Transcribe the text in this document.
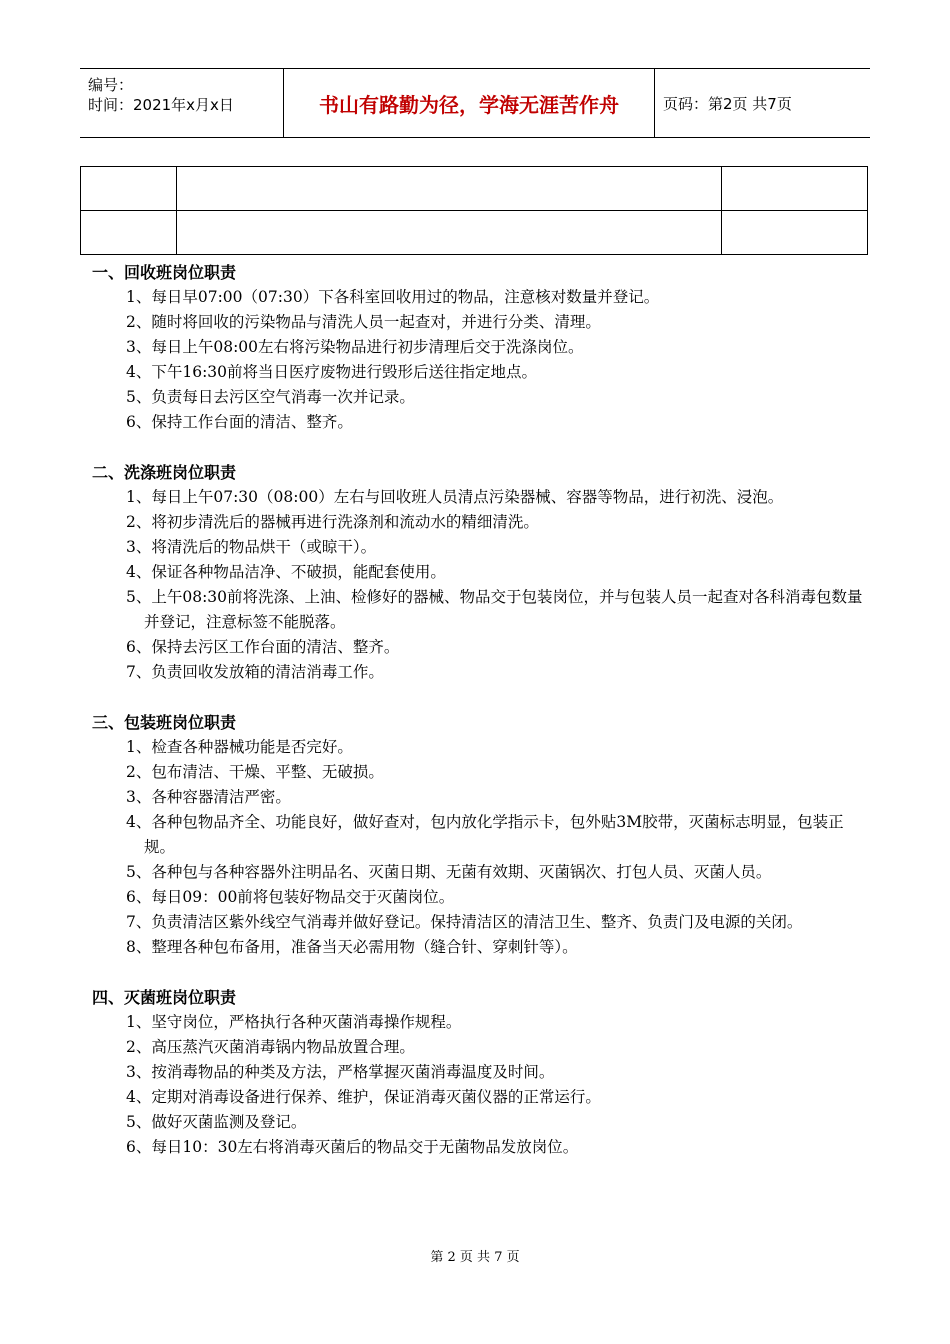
编号：
时间：2021年x月x日	书山有路勤为径，学海无涯苦作舟	页码：第2页 共7页

一、回收班岗位职责
1、每日早07:00（07:30）下各科室回收用过的物品，注意核对数量并登记。
2、随时将回收的污染物品与清洗人员一起查对，并进行分类、清理。
3、每日上午08:00左右将污染物品进行初步清理后交于洗涤岗位。
4、下午16:30前将当日医疗废物进行毁形后送往指定地点。
5、负责每日去污区空气消毒一次并记录。
6、保持工作台面的清洁、整齐。
二、洗涤班岗位职责
1、每日上午07:30（08:00）左右与回收班人员清点污染器械、容器等物品，进行初洗、浸泡。
2、将初步清洗后的器械再进行洗涤剂和流动水的精细清洗。
3、将清洗后的物品烘干（或晾干）。
4、保证各种物品洁净、不破损，能配套使用。
5、上午08:30前将洗涤、上油、检修好的器械、物品交于包装岗位，并与包装人员一起查对各科消毒包数量并登记，注意标签不能脱落。
6、保持去污区工作台面的清洁、整齐。
7、负责回收发放箱的清洁消毒工作。
三、包装班岗位职责
1、检查各种器械功能是否完好。
2、包布清洁、干燥、平整、无破损。
3、各种容器清洁严密。
4、各种包物品齐全、功能良好，做好查对，包内放化学指示卡，包外贴3M胶带，灭菌标志明显，包装正规。
5、各种包与各种容器外注明品名、灭菌日期、无菌有效期、灭菌锅次、打包人员、灭菌人员。
6、每日09：00前将包装好物品交于灭菌岗位。
7、负责清洁区紫外线空气消毒并做好登记。保持清洁区的清洁卫生、整齐、负责门及电源的关闭。
8、整理各种包布备用，准备当天必需用物（缝合针、穿刺针等）。
四、灭菌班岗位职责
1、坚守岗位，严格执行各种灭菌消毒操作规程。
2、高压蒸汽灭菌消毒锅内物品放置合理。
3、按消毒物品的种类及方法，严格掌握灭菌消毒温度及时间。
4、定期对消毒设备进行保养、维护，保证消毒灭菌仪器的正常运行。
5、做好灭菌监测及登记。
6、每日10：30左右将消毒灭菌后的物品交于无菌物品发放岗位。
第 2 页 共 7 页
